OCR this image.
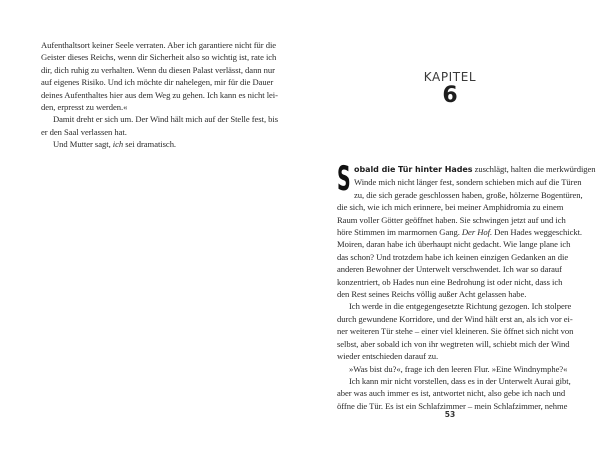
Aufenthaltsort keiner Seele verraten. Aber ich garantiere nicht für die
Geister dieses Reichs, wenn dir Sicherheit also so wichtig ist, rate ich
dir, dich ruhig zu verhalten. Wenn du diesen Palast verlässt, dann nur
auf eigenes Risiko. Und ich möchte dir nahelegen, mir für die Dauer
deines Aufenthaltes hier aus dem Weg zu gehen. Ich kann es nicht lei-
den, erpresst zu werden.«

Damit dreht er sich um. Der Wind hält mich auf der Stelle fest, bis
er den Saal verlassen hat.

Und Mutter sagt, ich sei dramatisch.

KAPITEL
6

S obald die Tür hinter Hades zuschlägt, halten die merkwürdigen
Winde mich nicht länger fest, sondern schieben mich auf die Türen
zu, die sich gerade geschlossen haben, große, hölzerne Bogentüren,
die sich, wie ich mich erinnere, bei meiner Amphidromia zu einem
Raum voller Götter geöffnet haben. Sie schwingen jetzt auf und ich
höre Stimmen im marmornen Gang. Der Hof. Den Hades weggeschickt.
Moiren, daran habe ich überhaupt nicht gedacht. Wie lange plane ich
das schon? Und trotzdem habe ich keinen einzigen Gedanken an die
anderen Bewohner der Unterwelt verschwendet. Ich war so darauf
konzentriert, ob Hades nun eine Bedrohung ist oder nicht, dass ich
den Rest seines Reichs völlig außer Acht gelassen habe.

Ich werde in die entgegengesetzte Richtung gezogen. Ich stolpere
durch gewundene Korridore, und der Wind hält erst an, als ich vor ei-
ner weiteren Tür stehe – einer viel kleineren. Sie öffnet sich nicht von
selbst, aber sobald ich von ihr wegtreten will, schiebt mich der Wind
wieder entschieden darauf zu.

»Was bist du?«, frage ich den leeren Flur. »Eine Windnymphe?«

Ich kann mir nicht vorstellen, dass es in der Unterwelt Aurai gibt,
aber was auch immer es ist, antwortet nicht, also gebe ich nach und
öffne die Tür. Es ist ein Schlafzimmer – mein Schlafzimmer, nehme

53
